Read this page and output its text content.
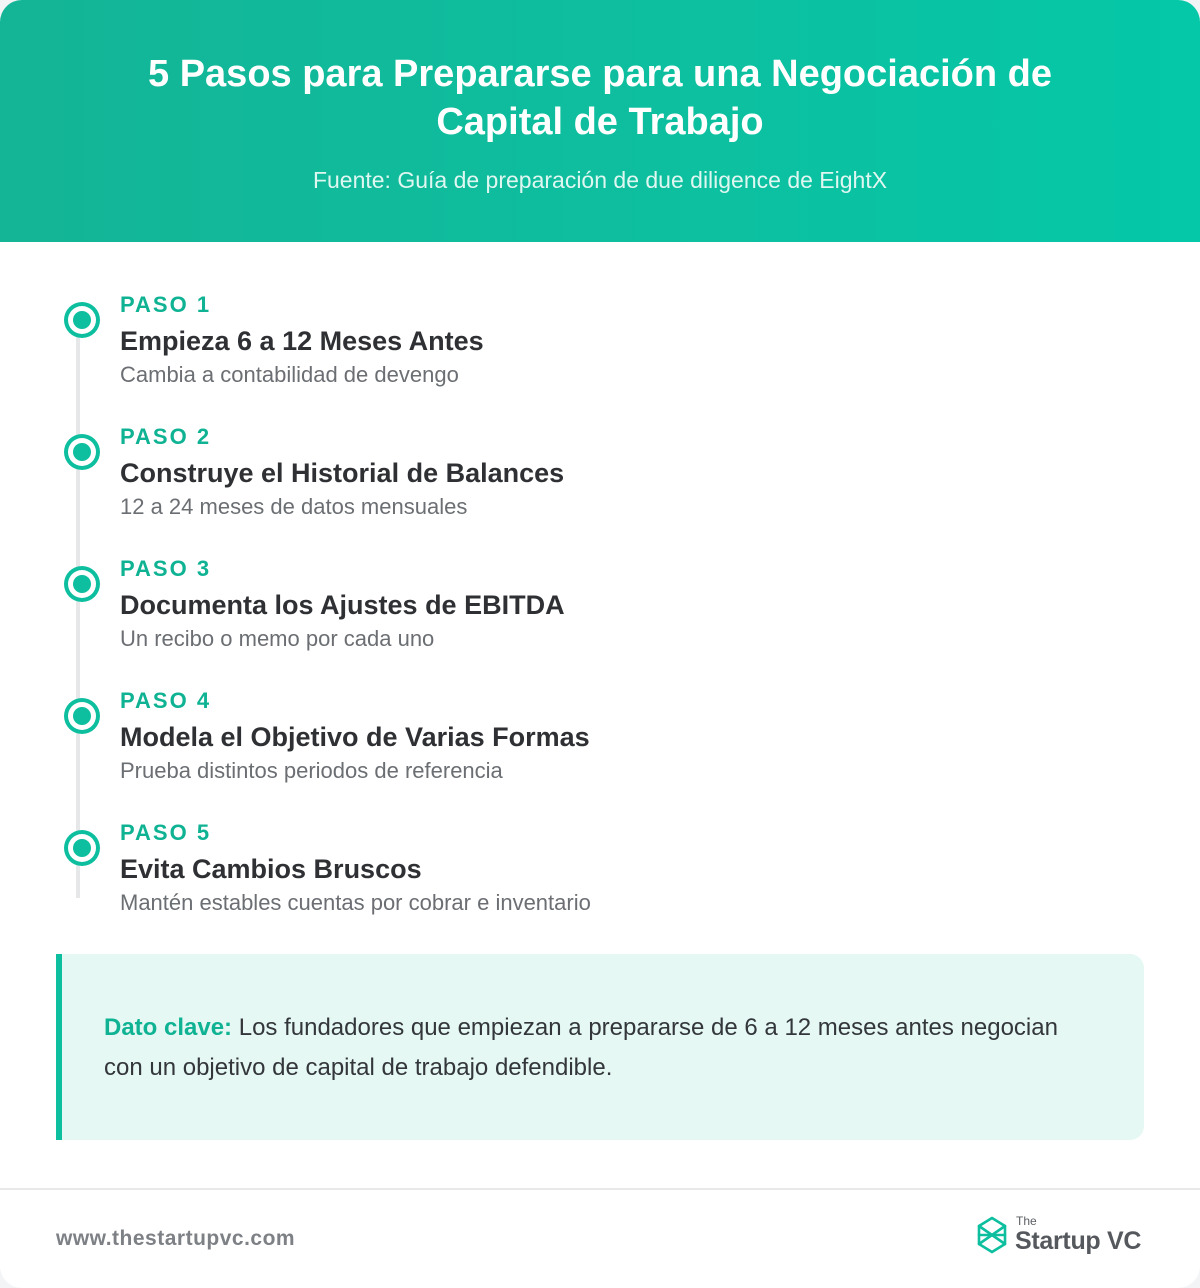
5 Pasos para Prepararse para una Negociación de Capital de Trabajo

Fuente: Guía de preparación de due diligence de EightX

PASO 1
Empieza 6 a 12 Meses Antes
Cambia a contabilidad de devengo
PASO 2
Construye el Historial de Balances
12 a 24 meses de datos mensuales
PASO 3
Documenta los Ajustes de EBITDA
Un recibo o memo por cada uno
PASO 4
Modela el Objetivo de Varias Formas
Prueba distintos periodos de referencia
PASO 5
Evita Cambios Bruscos
Mantén estables cuentas por cobrar e inventario

Dato clave: Los fundadores que empiezan a prepararse de 6 a 12 meses antes negocian con un objetivo de capital de trabajo defendible.

www.thestartupvc.com
The
Startup VC
